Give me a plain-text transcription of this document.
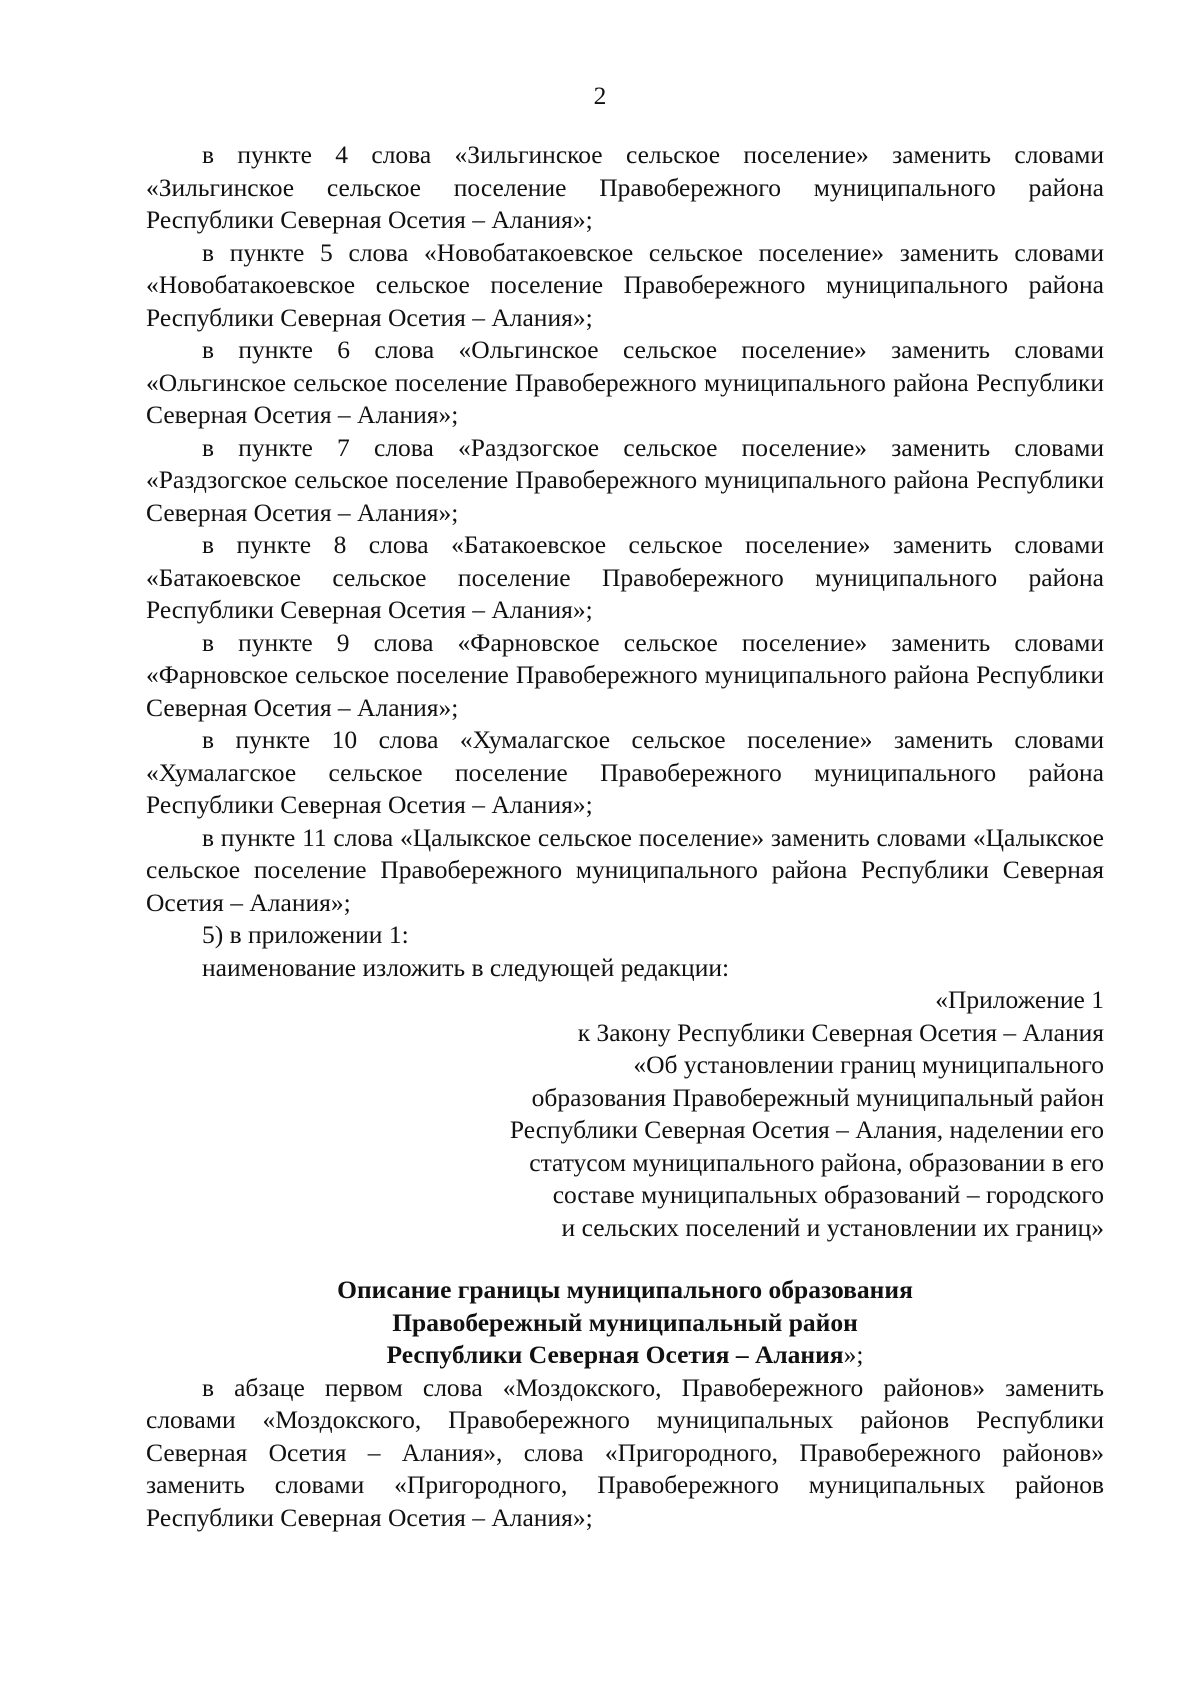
2

в пункте 4 слова «Зильгинское сельское поселение» заменить словами «Зильгинское сельское поселение Правобережного муниципального района Республики Северная Осетия – Алания»;

в пункте 5 слова «Новобатакоевское сельское поселение» заменить словами «Новобатакоевское сельское поселение Правобережного муниципального района Республики Северная Осетия – Алания»;

в пункте 6 слова «Ольгинское сельское поселение» заменить словами «Ольгинское сельское поселение Правобережного муниципального района Республики Северная Осетия – Алания»;

в пункте 7 слова «Раздзогское сельское поселение» заменить словами «Раздзогское сельское поселение Правобережного муниципального района Республики Северная Осетия – Алания»;

в пункте 8 слова «Батакоевское сельское поселение» заменить словами «Батакоевское сельское поселение Правобережного муниципального района Республики Северная Осетия – Алания»;

в пункте 9 слова «Фарновское сельское поселение» заменить словами «Фарновское сельское поселение Правобережного муниципального района Республики Северная Осетия – Алания»;

в пункте 10 слова «Хумалагское сельское поселение» заменить словами «Хумалагское сельское поселение Правобережного муниципального района Республики Северная Осетия – Алания»;

в пункте 11 слова «Цалыкское сельское поселение» заменить словами «Цалыкское сельское поселение Правобережного муниципального района Республики Северная Осетия – Алания»;

5) в приложении 1:

наименование изложить в следующей редакции:

«Приложение 1
к Закону Республики Северная Осетия – Алания
«Об установлении границ муниципального
образования Правобережный муниципальный район
Республики Северная Осетия – Алания, наделении его
статусом муниципального района, образовании в его
составе муниципальных образований – городского
и сельских поселений и установлении их границ»
Описание границы муниципального образования
Правобережный муниципальный район
Республики Северная Осетия – Алания»;

в абзаце первом слова «Моздокского, Правобережного районов» заменить словами «Моздокского, Правобережного муниципальных районов Республики Северная Осетия – Алания», слова «Пригородного, Правобережного районов» заменить словами «Пригородного, Правобережного муниципальных районов Республики Северная Осетия – Алания»;
